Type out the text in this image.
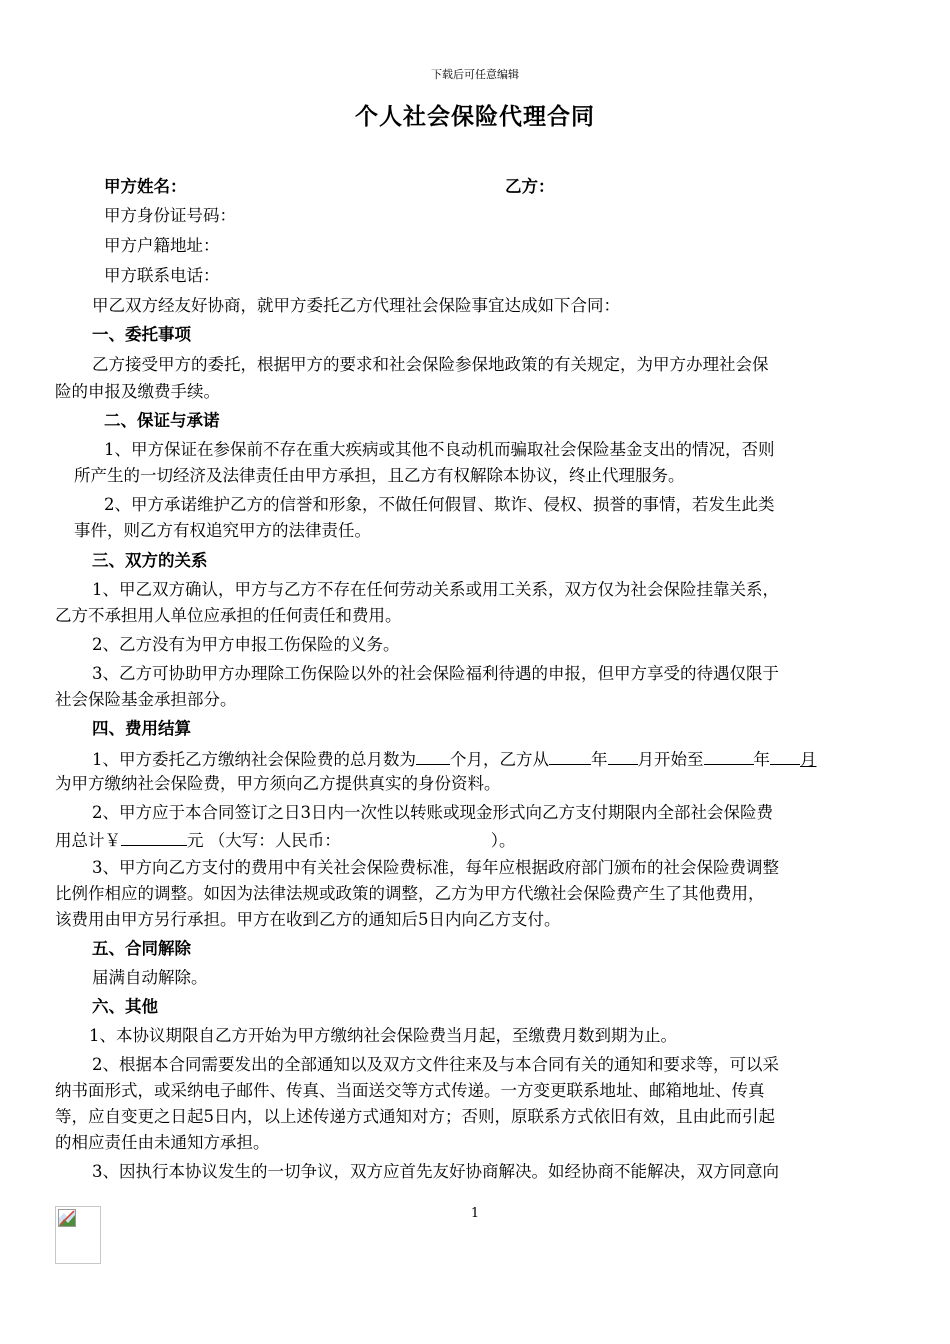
下载后可任意编辑
个人社会保险代理合同
甲方姓名：	乙方：
甲方身份证号码：
甲方户籍地址：
甲方联系电话：
甲乙双方经友好协商，就甲方委托乙方代理社会保险事宜达成如下合同：
一、委托事项
乙方接受甲方的委托，根据甲方的要求和社会保险参保地政策的有关规定，为甲方办理社会保
险的申报及缴费手续。
二、保证与承诺
1、甲方保证在参保前不存在重大疾病或其他不良动机而骗取社会保险基金支出的情况，否则
所产生的一切经济及法律责任由甲方承担，且乙方有权解除本协议，终止代理服务。
2、甲方承诺维护乙方的信誉和形象，不做任何假冒、欺诈、侵权、损誉的事情，若发生此类
事件，则乙方有权追究甲方的法律责任。
三、双方的关系
1、甲乙双方确认，甲方与乙方不存在任何劳动关系或用工关系，双方仅为社会保险挂靠关系，
乙方不承担用人单位应承担的任何责任和费用。
2、乙方没有为甲方申报工伤保险的义务。
3、乙方可协助甲方办理除工伤保险以外的社会保险福利待遇的申报，但甲方享受的待遇仅限于
社会保险基金承担部分。
四、费用结算
1、甲方委托乙方缴纳社会保险费的总月数为 个月，乙方从	年 月开始至	年 月
为甲方缴纳社会保险费，甲方须向乙方提供真实的身份资料。
2、甲方应于本合同签订之日3日内一次性以转账或现金形式向乙方支付期限内全部社会保险费
用总计￥	元 （大写：人民币：	）。
3、甲方向乙方支付的费用中有关社会保险费标准，每年应根据政府部门颁布的社会保险费调整
比例作相应的调整。如因为法律法规或政策的调整，乙方为甲方代缴社会保险费产生了其他费用，
该费用由甲方另行承担。甲方在收到乙方的通知后5日内向乙方支付。
五、合同解除
届满自动解除。
六、其他
1、本协议期限自乙方开始为甲方缴纳社会保险费当月起，至缴费月数到期为止。
2、根据本合同需要发出的全部通知以及双方文件往来及与本合同有关的通知和要求等，可以采
纳书面形式，或采纳电子邮件、传真、当面送交等方式传递。一方变更联系地址、邮箱地址、传真
等，应自变更之日起5日内，以上述传递方式通知对方；否则，原联系方式依旧有效，且由此而引起
的相应责任由未通知方承担。
3、因执行本协议发生的一切争议，双方应首先友好协商解决。如经协商不能解决，双方同意向
1
